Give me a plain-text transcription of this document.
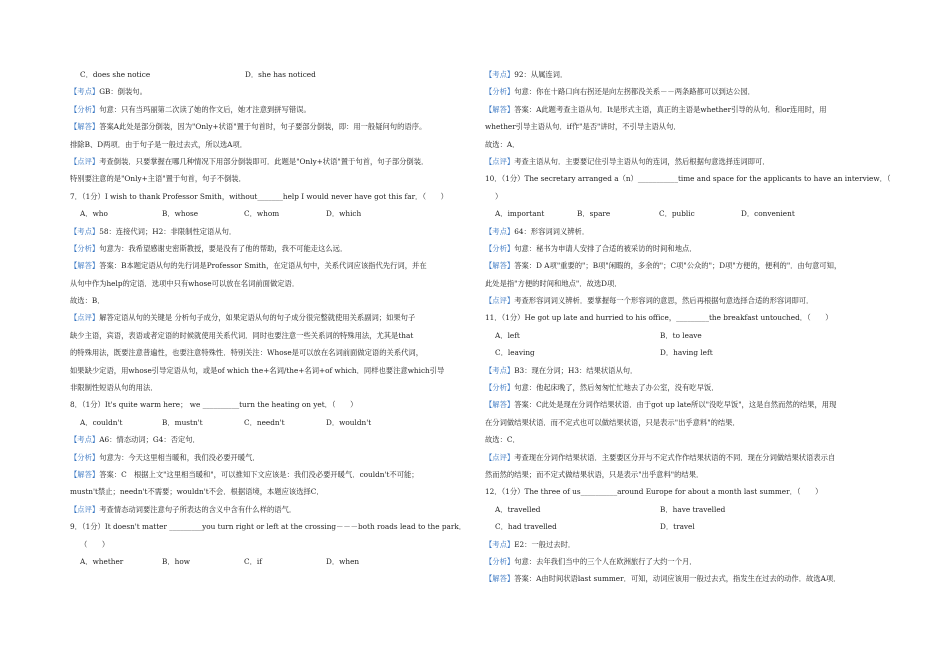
C．does she notice	D．she has noticed
【考点】GB：倒装句。
【分析】句意：只有当玛丽第二次读了她的作文后，她才注意到拼写错误。
【解答】答案A此处是部分倒装，因为"Only+状语"置于句首时，句子要部分倒装，即：用一般疑问句的语序。
排除B、D两项．由于句子是一般过去式，所以选A项．
【点评】考查倒装．只要掌握在哪几种情况下用部分倒装即可．此题是"Only+状语"置于句首，句子部分倒装．
特别要注意的是"Only+主语"置于句首，句子不倒装．
7．（1分）I wish to thank Professor Smith，without_______help I would never have got this far．（　　）
A．who	B．whose	C．whom	D．which
【考点】58：连接代词；H2：非限制性定语从句．
【分析】句意为：我希望感谢史密斯教授，要是没有了他的帮助，我不可能走这么远．
【解答】答案：B本题定语从句的先行词是Professor Smith，在定语从句中，关系代词应该指代先行词，并在
从句中作为help的定语．选项中只有whose可以放在名词前面做定语．
故选：B．
【点评】解答定语从句的关键是 分析句子成分，如果定语从句的句子成分很完整就使用关系副词；如果句子
缺少主语，宾语，表语或者定语的时候就使用关系代词．同时也要注意一些关系词的特殊用法，尤其是that
的特殊用法，既要注意普遍性，也要注意特殊性．特别关注：Whose是可以放在名词前面做定语的关系代词，
如果缺少定语，用whose引导定语从句，或是of which the+名词/the+名词+of which．同样也要注意which引导
非限制性短语从句的用法．
8．（1分）It's quite warm here； we __________turn the heating on yet．（　　）
A．couldn't	B．mustn't	C．needn't	D．wouldn't
【考点】A6：情态动词；G4：否定句．
【分析】句意为：今天这里相当暖和，我们没必要开暖气．
【解答】答案：C　根据上文"这里相当暖和"，可以推知下文应该是：我们没必要开暖气．couldn't不可能；
mustn't禁止；needn't不需要；wouldn't不会．根据语境，本题应该选择C．
【点评】考查情态动词要注意句子所表达的含义中含有什么样的语气．
9．（1分）It doesn't matter _________you turn right or left at the crossing－－－both roads lead to the park．
（　　）
A．whether	B．how	C．if	D．when
【考点】92：从属连词．
【分析】句意：你在十路口向右拐还是向左拐都没关系－－两条路都可以到达公园．
【解答】答案：A此题考查主语从句．It是形式主语，真正的主语是whether引导的从句．和or连用时，用
whether引导主语从句．if作"是否"讲时，不引导主语从句．
故选：A．
【点评】考查主语从句．主要要记住引导主语从句的连词，然后根据句意选择连词即可．
10．（1分）The secretary arranged a（n）___________time and space for the applicants to have an interview．（
）
A．important	B．spare	C．public	D．convenient
【考点】64：形容词词义辨析．
【分析】句意：秘书为申请人安排了合适的被采访的时间和地点．
【解答】答案：D A项"重要的"；B项"闲暇的，多余的"；C项"公众的"；D项"方便的，便利的"．由句意可知，
此处是指"方便的时间和地点"．故选D项．
【点评】考查形容词词义辨析．要掌握每一个形容词的意思，然后再根据句意选择合适的形容词即可．
11．（1分）He got up late and hurried to his office，_________the breakfast untouched．（　　）
A．left	B．to leave
C．leaving	D．having left
【考点】B3：现在分词；H3：结果状语从句．
【分析】句意：他起床晚了，然后匆匆忙忙地去了办公室，没有吃早饭．
【解答】答案：C此处是现在分词作结果状语．由于got up late所以"没吃早饭"，这是自然而然的结果，用现
在分词做结果状语．而不定式也可以做结果状语，只是表示"出乎意料"的结果．
故选：C．
【点评】考查现在分词作结果状语．主要要区分开与不定式作作结果状语的不同．现在分词做结果状语表示自
然而然的结果；而不定式做结果状语，只是表示"出乎意料"的结果．
12．（1分）The three of us__________around Europe for about a month last summer．（　　）
A．travelled	B．have travelled
C．had travelled	D．travel
【考点】E2：一般过去时．
【分析】句意：去年我们当中的三个人在欧洲旅行了大约一个月．
【解答】答案：A由时间状语last summer．可知，动词应该用一般过去式，指发生在过去的动作．故选A项．
